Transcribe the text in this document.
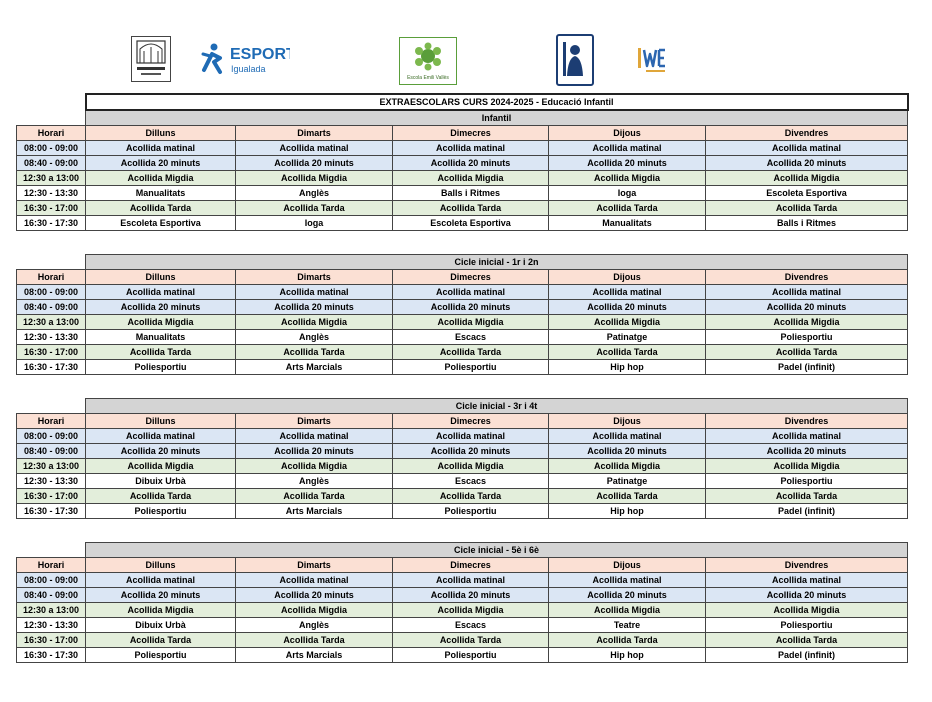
ESPORT
Igualada
Escola Emili Vallès
	EXTRAESCOLARS CURS 2024-2025 - Educació Infantil				
	Infantil				
Horari	Dilluns	Dimarts	Dimecres	Dijous	Divendres
08:00 - 09:00	Acollida matinal	Acollida matinal	Acollida matinal	Acollida matinal	Acollida matinal
08:40 - 09:00	Acollida 20 minuts	Acollida 20 minuts	Acollida 20 minuts	Acollida 20 minuts	Acollida 20 minuts
12:30 a 13:00	Acollida Migdia	Acollida Migdia	Acollida Migdia	Acollida Migdia	Acollida Migdia
12:30 - 13:30	Manualitats	Anglès	Balls i Ritmes	Ioga	Escoleta Esportiva
16:30 - 17:00	Acollida Tarda	Acollida Tarda	Acollida Tarda	Acollida Tarda	Acollida Tarda
16:30 - 17:30	Escoleta Esportiva	Ioga	Escoleta Esportiva	Manualitats	Balls i Ritmes
	Cicle inicial - 1r i 2n				
Horari	Dilluns	Dimarts	Dimecres	Dijous	Divendres
08:00 - 09:00	Acollida matinal	Acollida matinal	Acollida matinal	Acollida matinal	Acollida matinal
08:40 - 09:00	Acollida 20 minuts	Acollida 20 minuts	Acollida 20 minuts	Acollida 20 minuts	Acollida 20 minuts
12:30 a 13:00	Acollida Migdia	Acollida Migdia	Acollida Migdia	Acollida Migdia	Acollida Migdia
12:30 - 13:30	Manualitats	Anglès	Escacs	Patinatge	Poliesportiu
16:30 - 17:00	Acollida Tarda	Acollida Tarda	Acollida Tarda	Acollida Tarda	Acollida Tarda
16:30 - 17:30	Poliesportiu	Arts Marcials	Poliesportiu	Hip hop	Padel (infinit)
	Cicle inicial - 3r i 4t				
Horari	Dilluns	Dimarts	Dimecres	Dijous	Divendres
08:00 - 09:00	Acollida matinal	Acollida matinal	Acollida matinal	Acollida matinal	Acollida matinal
08:40 - 09:00	Acollida 20 minuts	Acollida 20 minuts	Acollida 20 minuts	Acollida 20 minuts	Acollida 20 minuts
12:30 a 13:00	Acollida Migdia	Acollida Migdia	Acollida Migdia	Acollida Migdia	Acollida Migdia
12:30 - 13:30	Dibuix Urbà	Anglès	Escacs	Patinatge	Poliesportiu
16:30 - 17:00	Acollida Tarda	Acollida Tarda	Acollida Tarda	Acollida Tarda	Acollida Tarda
16:30 - 17:30	Poliesportiu	Arts Marcials	Poliesportiu	Hip hop	Padel (infinit)
	Cicle inicial - 5è i 6è				
Horari	Dilluns	Dimarts	Dimecres	Dijous	Divendres
08:00 - 09:00	Acollida matinal	Acollida matinal	Acollida matinal	Acollida matinal	Acollida matinal
08:40 - 09:00	Acollida 20 minuts	Acollida 20 minuts	Acollida 20 minuts	Acollida 20 minuts	Acollida 20 minuts
12:30 a 13:00	Acollida Migdia	Acollida Migdia	Acollida Migdia	Acollida Migdia	Acollida Migdia
12:30 - 13:30	Dibuix Urbà	Anglès	Escacs	Teatre	Poliesportiu
16:30 - 17:00	Acollida Tarda	Acollida Tarda	Acollida Tarda	Acollida Tarda	Acollida Tarda
16:30 - 17:30	Poliesportiu	Arts Marcials	Poliesportiu	Hip hop	Padel (infinit)
